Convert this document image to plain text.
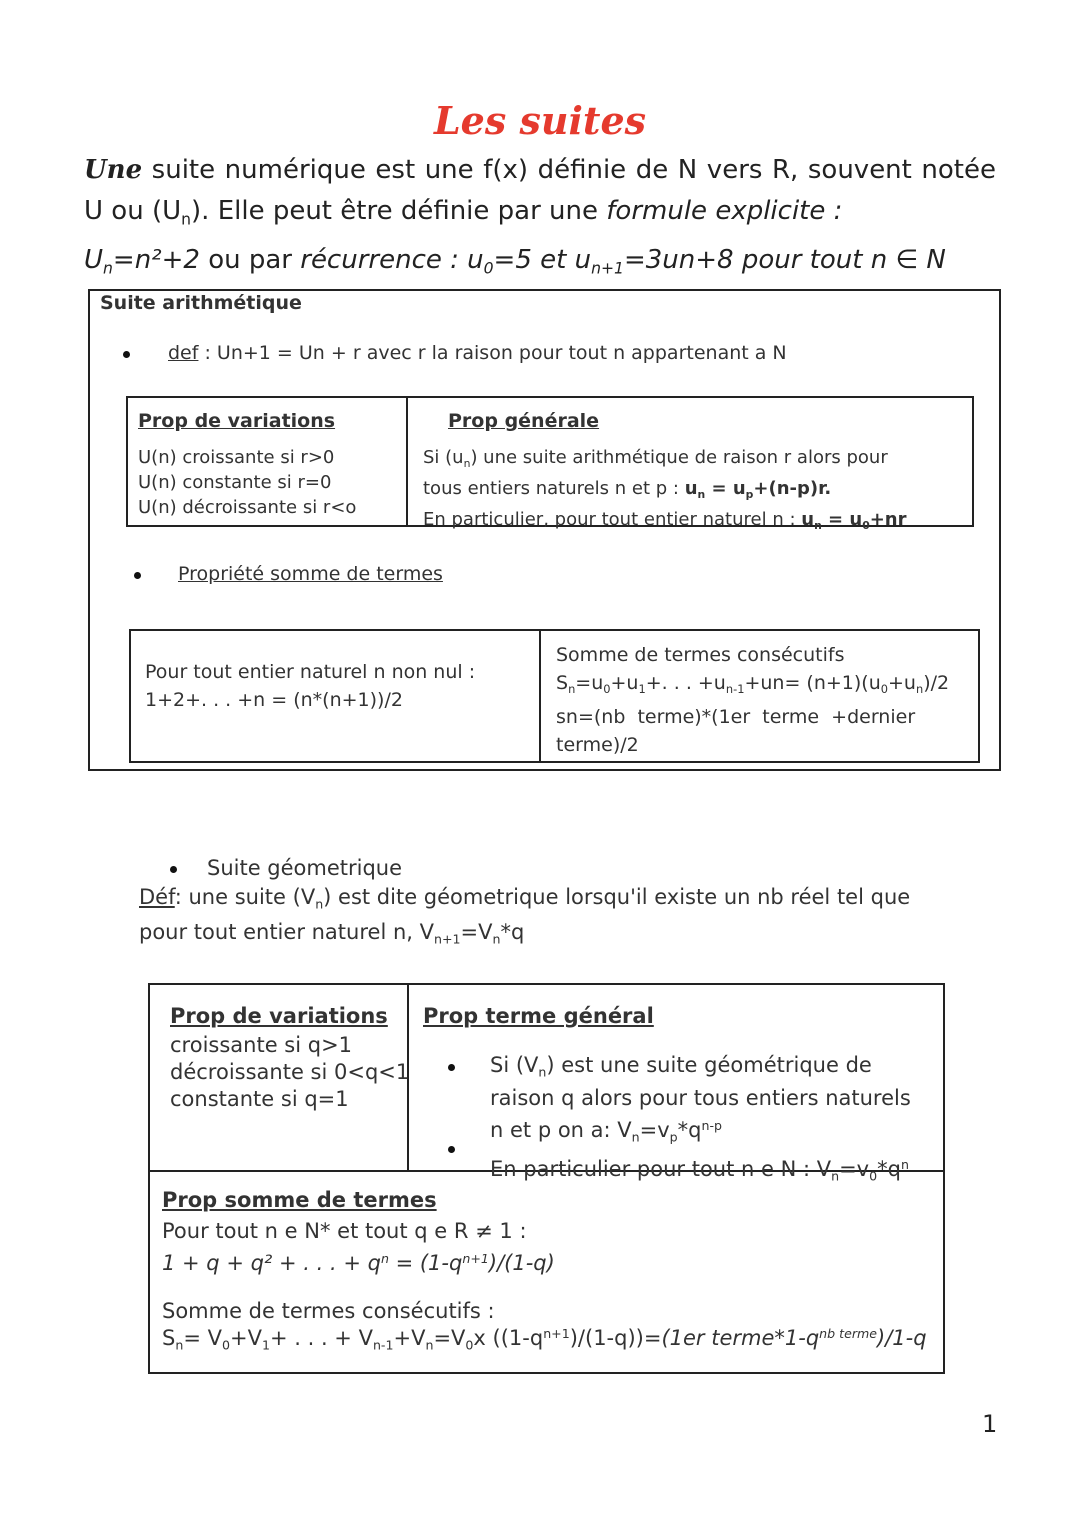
Les suites
Une suite numérique est une f(x) définie de N vers R, souvent notée U ou $(U_n)$. Elle peut être définie par une formule explicite :
$U_n=n^2+2$ ou par récurrence : $u_0=5$ et $u_{n+1}=3un+8$ pour tout n ∈ N
Suite arithmétique
def : Un+1 = Un + r avec r la raison pour tout n appartenant a N
Prop de variations
U(n) croissante si r>0
U(n) constante si r=0
U(n) décroissante si r<o
Prop générale
Si $(u_n)$ une suite arithmétique de raison r alors pour
tous entiers naturels n et p : $u_n = u_p+(n-p)r$.
En particulier, pour tout entier naturel n : $u_n = u_0+nr$
Propriété somme de termes
Pour tout entier naturel n non nul :
1+2+. . . +n = (n*(n+1))/2
Somme de termes consécutifs
$S_n=u_0+u_1+$. . . $+u_{n-1}+un= (n+1)(u_0+u_n)/2$
sn=(nb  terme)*(1er  terme  +dernier
terme)/2
Suite géometrique
Déf: une suite $(V_n)$ est dite géometrique lorsqu'il existe un nb réel tel que
pour tout entier naturel n, $V_{n+1}=V_n*q$
Prop de variations
croissante si q>1
décroissante si 0<q<1
constante si q=1
Prop terme général
Si $(V_n)$ est une suite géométrique de
raison q alors pour tous entiers naturels
n et p on a: $V_n=v_p*q^{n-p}$
En particulier pour tout n e N : $V_n=v_0*q^n$
Prop somme de termes
Pour tout n e N* et tout q e R ≠ 1 :
1 + q + q² + . . . + $q^n = (1-q^{n+1})/(1-q)$
Somme de termes consécutifs :
$S_n= V_0+V_1+$ . . . + $V_{n-1}+V_n=V_0x$ $((1-q^{n+1})/(1-q))=(1er$ $terme*1-q^{nb terme})/1-q$
1
